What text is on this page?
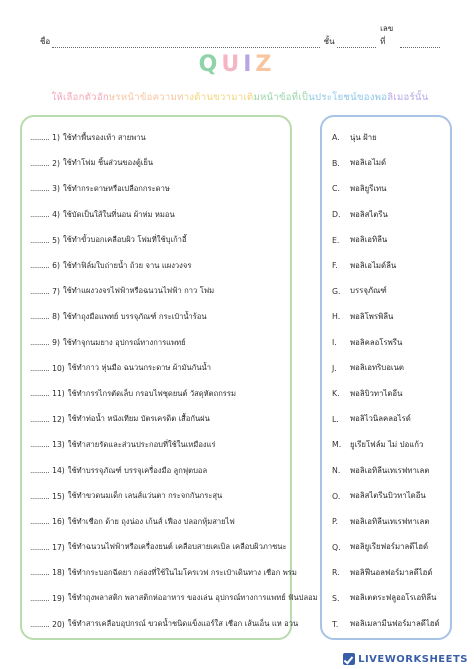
ชื่อ	ชั้น
เลขที่
QUIZ
ให้เลือกตัวอักษรหน้าข้อความทางด้านขวามาเติมหน้าข้อที่เป็นประโยชน์ของพอลิเมอร์นั้น
.......... 1) ใช้ทำพื้นรองเท้า สายพาน
.......... 2) ใช้ทำโฟม ชิ้นส่วนของตู้เย็น
.......... 3) ใช้ทำกระดาษหรือเปลือกกระดาษ
.......... 4) ใช้บัดเป็นใส้ในที่นอน ผ้าห่ม หมอน
.......... 5) ใช้ทำขั้วบอกเคลือบผิว โฟมที่ใช้บุเก้าอี้
.......... 6) ใช้ทำฟิล์มใบถ่ายน้ำ ถ้วย จาน แผงวงจร
.......... 7) ใช้ทำแผงวงจรไฟฟ้าหรือฉนวนไฟฟ้า กาว โฟม
.......... 8) ใช้ทำถุงมือแพทย์ บรรจุภัณฑ์ กระเป๋าน้ำร้อน
.......... 9) ใช้ทำจุกนมยาง อุปกรณ์ทางการแพทย์
.......... 10) ใช้ทำกาว หุ่นมือ ฉนวนกระดาษ ผ้ามันกันน้ำ
.......... 11) ใช้ทำกรรไกรตัดเล็บ กรอบไฟชุดยนต์ วัสดุหัตถกรรม
.......... 12) ใช้ทำท่อน้ำ หนังเทียม บัตรเครดิต เสื้อกันฝน
.......... 13) ใช้ทำสายรัดและส่วนประกอบที่ใช้ในเหมืองแร่
.......... 14) ใช้ทำบรรจุภัณฑ์ บรรจุเครื่องมือ ลูกฟุตบอล
.......... 15) ใช้ทำขวดนมเด็ก เลนส์แว่นตา กระจกกันกระสุน
.......... 16) ใช้ทำเชือก ด้าย ถุงน่อง เก้นส์ เฟือง ปลอกหุ้มสายไฟ
.......... 17) ใช้ทำฉนวนไฟฟ้าหรือเครื่องยนต์ เคลือบสายเคเบิล เคลือบผิวภาชนะ
.......... 18) ใช้ทำกระบอกฉีดยา กล่องที่ใช้ในไมโครเวฟ กระเป๋าเดินทาง เชือก พรม
.......... 19) ใช้ทำถุงพลาสติก พลาสติกห่ออาหาร ของเล่น อุปกรณ์ทางการแพทย์ ฟันปลอม
.......... 20) ใช้ทำสารเคลือบอุปกรณ์ ขวดน้ำชนิดแข็งแอร์ใส เชือก เส้นเอ็น แห อวน
A.	นุ่น ฝ้าย
B.	พอลิเอไมด์
C.	พอลิยูรีเทน
D.	พอลิสไตรีน
E.	พอลิเอทิลีน
F.	พอลิเอไมด์ลีน
G.	บรรจุภัณฑ์
H.	พอลิโพรพิลีน
I.	พอลิคลอโรพรีน
J.	พอลิเอทริบอเนต
K.	พอลิบิวทาไดอีน
L.	พอลิไวนิลคลอไรด์
M.	ยูเรียโฟล์ม ไม่ ปอแก้ว
N.	พอลิเอทิลีนเทเรฟทาเลต
O.	พอลิสไตรีนบิวทาไดอีน
P.	พอลิเอทิลีนเทเรฟทาเลต
Q.	พอลิยูเรียฟอร์มาลดีไฮด์
R.	พอลิฟีนอลฟอร์มาลดีไฮด์
S.	พอลิเตตระฟลูออโรเอทิลีน
T.	พอลิเมลามีนฟอร์มาลดีไฮด์
LIVEWORKSHEETS
